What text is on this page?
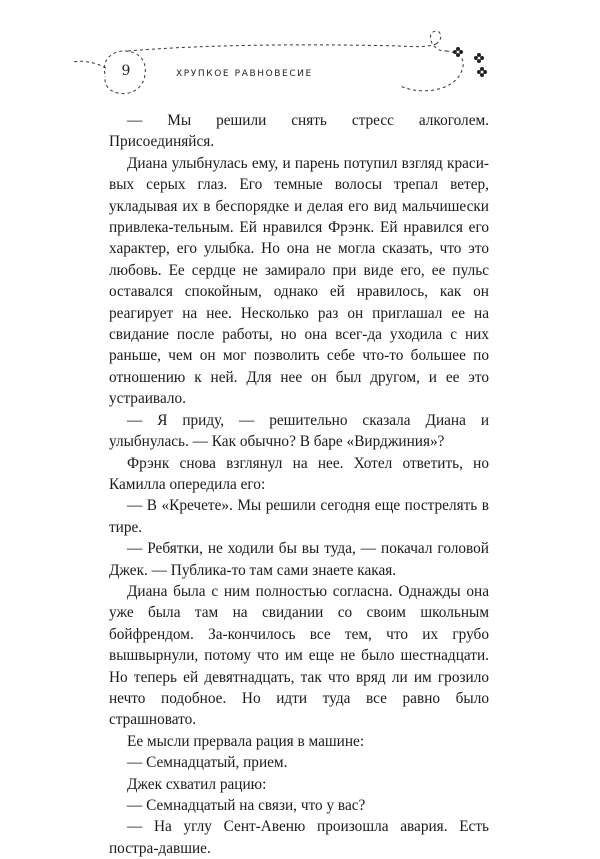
9	ХРУПКОЕ РАВНОВЕСИЕ

— Мы решили снять стресс алкоголем. Присоединяйся.

Диана улыбнулась ему, и парень потупил взгляд краси-вых серых глаз. Его темные волосы трепал ветер, укладывая их в беспорядке и делая его вид мальчишески привлека-тельным. Ей нравился Фрэнк. Ей нравился его характер, его улыбка. Но она не могла сказать, что это любовь. Ее сердце не замирало при виде его, ее пульс оставался спокойным, однако ей нравилось, как он реагирует на нее. Несколько раз он приглашал ее на свидание после работы, но она всег-да уходила с них раньше, чем он мог позволить себе что-то большее по отношению к ней. Для нее он был другом, и ее это устраивало.

— Я приду, — решительно сказала Диана и улыбнулась. — Как обычно? В баре «Вирджиния»?

Фрэнк снова взглянул на нее. Хотел ответить, но Камилла опередила его:

— В «Кречете». Мы решили сегодня еще пострелять в тире.

— Ребятки, не ходили бы вы туда, — покачал головой Джек. — Публика-то там сами знаете какая.

Диана была с ним полностью согласна. Однажды она уже была там на свидании со своим школьным бойфрендом. За-кончилось все тем, что их грубо вышвырнули, потому что им еще не было шестнадцати. Но теперь ей девятнадцать, так что вряд ли им грозило нечто подобное. Но идти туда все равно было страшновато.

Ее мысли прервала рация в машине:

— Семнадцатый, прием.

Джек схватил рацию:

— Семнадцатый на связи, что у вас?

— На углу Сент-Авеню произошла авария. Есть постра-давшие.
